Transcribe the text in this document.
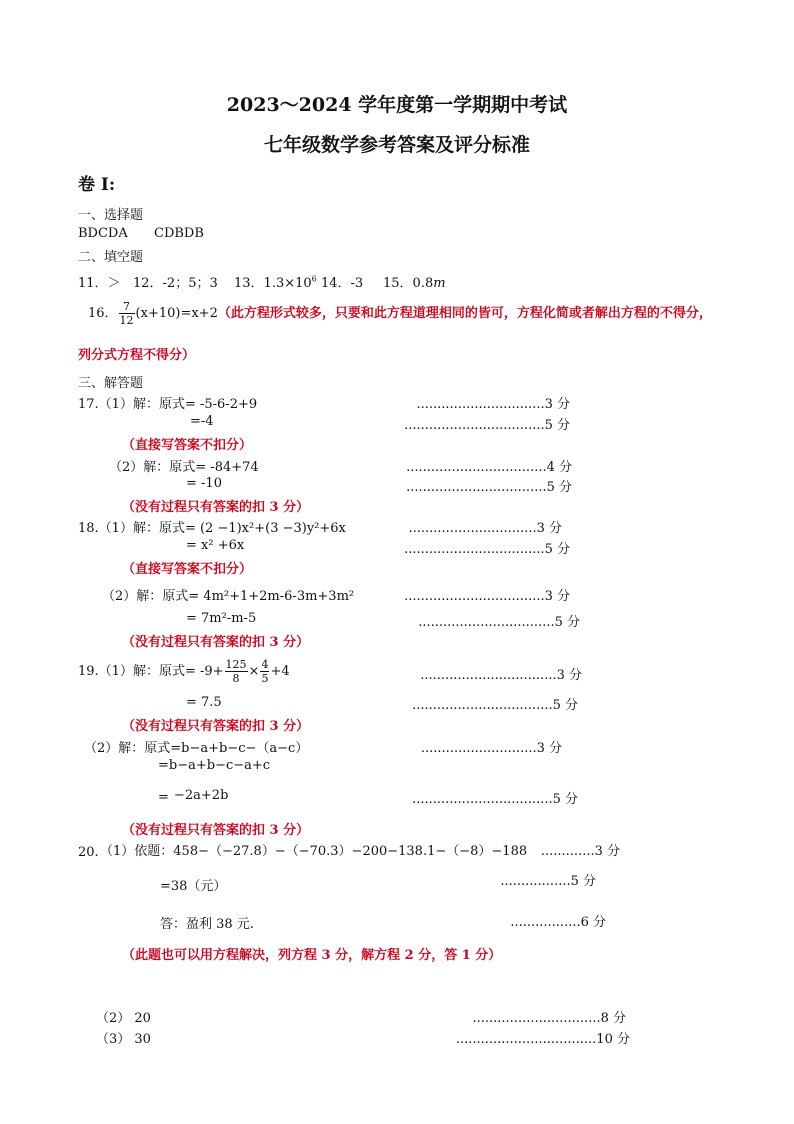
2023～2024 学年度第一学期期中考试
七年级数学参考答案及评分标准
卷 I:
一、选择题
BDCDA CDBDB
二、填空题
11．＞ 12．-2；5；3 13．$1.3\times 10^6$ 14．-3 15．0.8m
16． $\frac{7}{12} (x+10)=x+2$（此方程形式较多，只要和此方程道理相同的皆可，方程化简或者解出方程的不得分，
列分式方程不得分）
三、解答题
17.（1）解：原式= -5-6-2+9	...............................3 分
=-4	..................................5 分
（直接写答案不扣分）
（2）解：原式= -84+74	..................................4 分
= -10	..................................5 分
（没有过程只有答案的扣 3 分）
18.（1）解：原式= (2 −1)x²+(3 −3)y²+6x	...............................3 分
= x² +6x	..................................5 分
（直接写答案不扣分）
（2）解：原式= 4m²+1+2m-6-3m+3m²	..................................3 分
= 7m²-m-5	.................................5 分
（没有过程只有答案的扣 3 分）
19.（1）解：原式= $-9+ \frac{125}{8} \times \frac{4}{5} +4$	.................................3 分
= 7.5	..................................5 分
（没有过程只有答案的扣 3 分）
（2）解：原式=b−a+b−c−（a−c）	............................3 分
=b−a+b−c−a+c
= −2a+2b	..................................5 分
（没有过程只有答案的扣 3 分）
20. （1）依题：458−（−27.8）−（−70.3）−200−138.1−（−8）−188	.............3 分
=38（元）	.................5 分
答：盈利 38 元.	.................6 分
（此题也可以用方程解决，列方程 3 分，解方程 2 分，答 1 分）
（2） 20	...............................8 分
（3） 30	..................................10 分
